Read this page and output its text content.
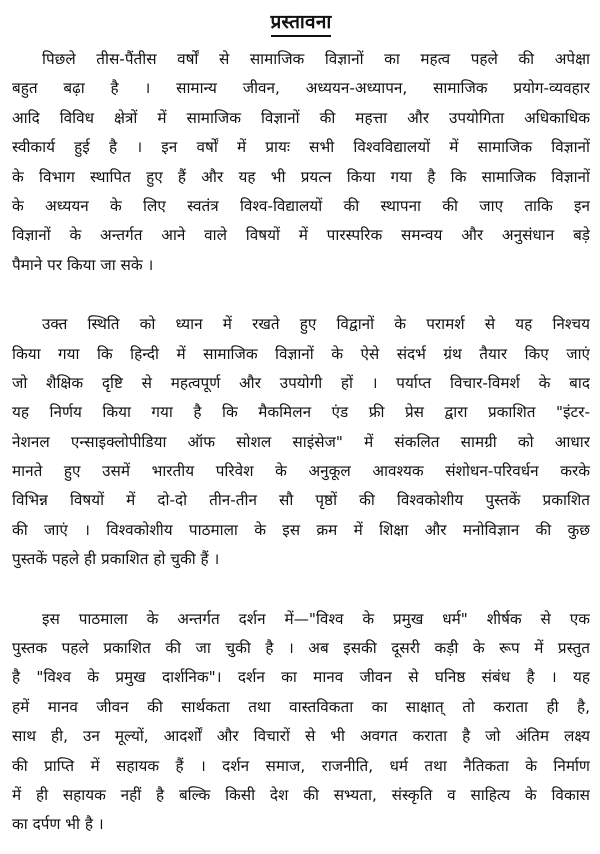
प्रस्तावना
पिछले तीस-पैंतीस वर्षों से सामाजिक विज्ञानों का महत्व पहले की अपेक्षा
बहुत बढ़ा है । सामान्य जीवन, अध्ययन-अध्यापन, सामाजिक प्रयोग-व्यवहार
आदि विविध क्षेत्रों में सामाजिक विज्ञानों की महत्ता और उपयोगिता अधिकाधिक
स्वीकार्य हुई है । इन वर्षों में प्रायः सभी विश्वविद्यालयों में सामाजिक विज्ञानों
के विभाग स्थापित हुए हैं और यह भी प्रयत्न किया गया है कि सामाजिक विज्ञानों
के अध्ययन के लिए स्वतंत्र विश्व-विद्यालयों की स्थापना की जाए ताकि इन
विज्ञानों के अन्तर्गत आने वाले विषयों में पारस्परिक समन्वय और अनुसंधान बड़े
पैमाने पर किया जा सके ।
उक्त स्थिति को ध्यान में रखते हुए विद्वानों के परामर्श से यह निश्चय
किया गया कि हिन्दी में सामाजिक विज्ञानों के ऐसे संदर्भ ग्रंथ तैयार किए जाएं
जो शैक्षिक दृष्टि से महत्वपूर्ण और उपयोगी हों । पर्याप्त विचार-विमर्श के बाद
यह निर्णय किया गया है कि मैकमिलन एंड फ्री प्रेस द्वारा प्रकाशित "इंटर-
नेशनल एन्साइक्लोपीडिया ऑफ सोशल साइंसेज" में संकलित सामग्री को आधार
मानते हुए उसमें भारतीय परिवेश के अनुकूल आवश्यक संशोधन-परिवर्धन करके
विभिन्न विषयों में दो-दो तीन-तीन सौ पृष्ठों की विश्वकोशीय पुस्तकें प्रकाशित
की जाएं । विश्वकोशीय पाठमाला के इस क्रम में शिक्षा और मनोविज्ञान की कुछ
पुस्तकें पहले ही प्रकाशित हो चुकी हैं ।
इस पाठमाला के अन्तर्गत दर्शन में—"विश्व के प्रमुख धर्म" शीर्षक से एक
पुस्तक पहले प्रकाशित की जा चुकी है । अब इसकी दूसरी कड़ी के रूप में प्रस्तुत
है "विश्व के प्रमुख दार्शनिक"। दर्शन का मानव जीवन से घनिष्ठ संबंध है । यह
हमें मानव जीवन की सार्थकता तथा वास्तविकता का साक्षात् तो कराता ही है,
साथ ही, उन मूल्यों, आदर्शों और विचारों से भी अवगत कराता है जो अंतिम लक्ष्य
की प्राप्ति में सहायक हैं । दर्शन समाज, राजनीति, धर्म तथा नैतिकता के निर्माण
में ही सहायक नहीं है बल्कि किसी देश की सभ्यता, संस्कृति व साहित्य के विकास
का दर्पण भी है ।
